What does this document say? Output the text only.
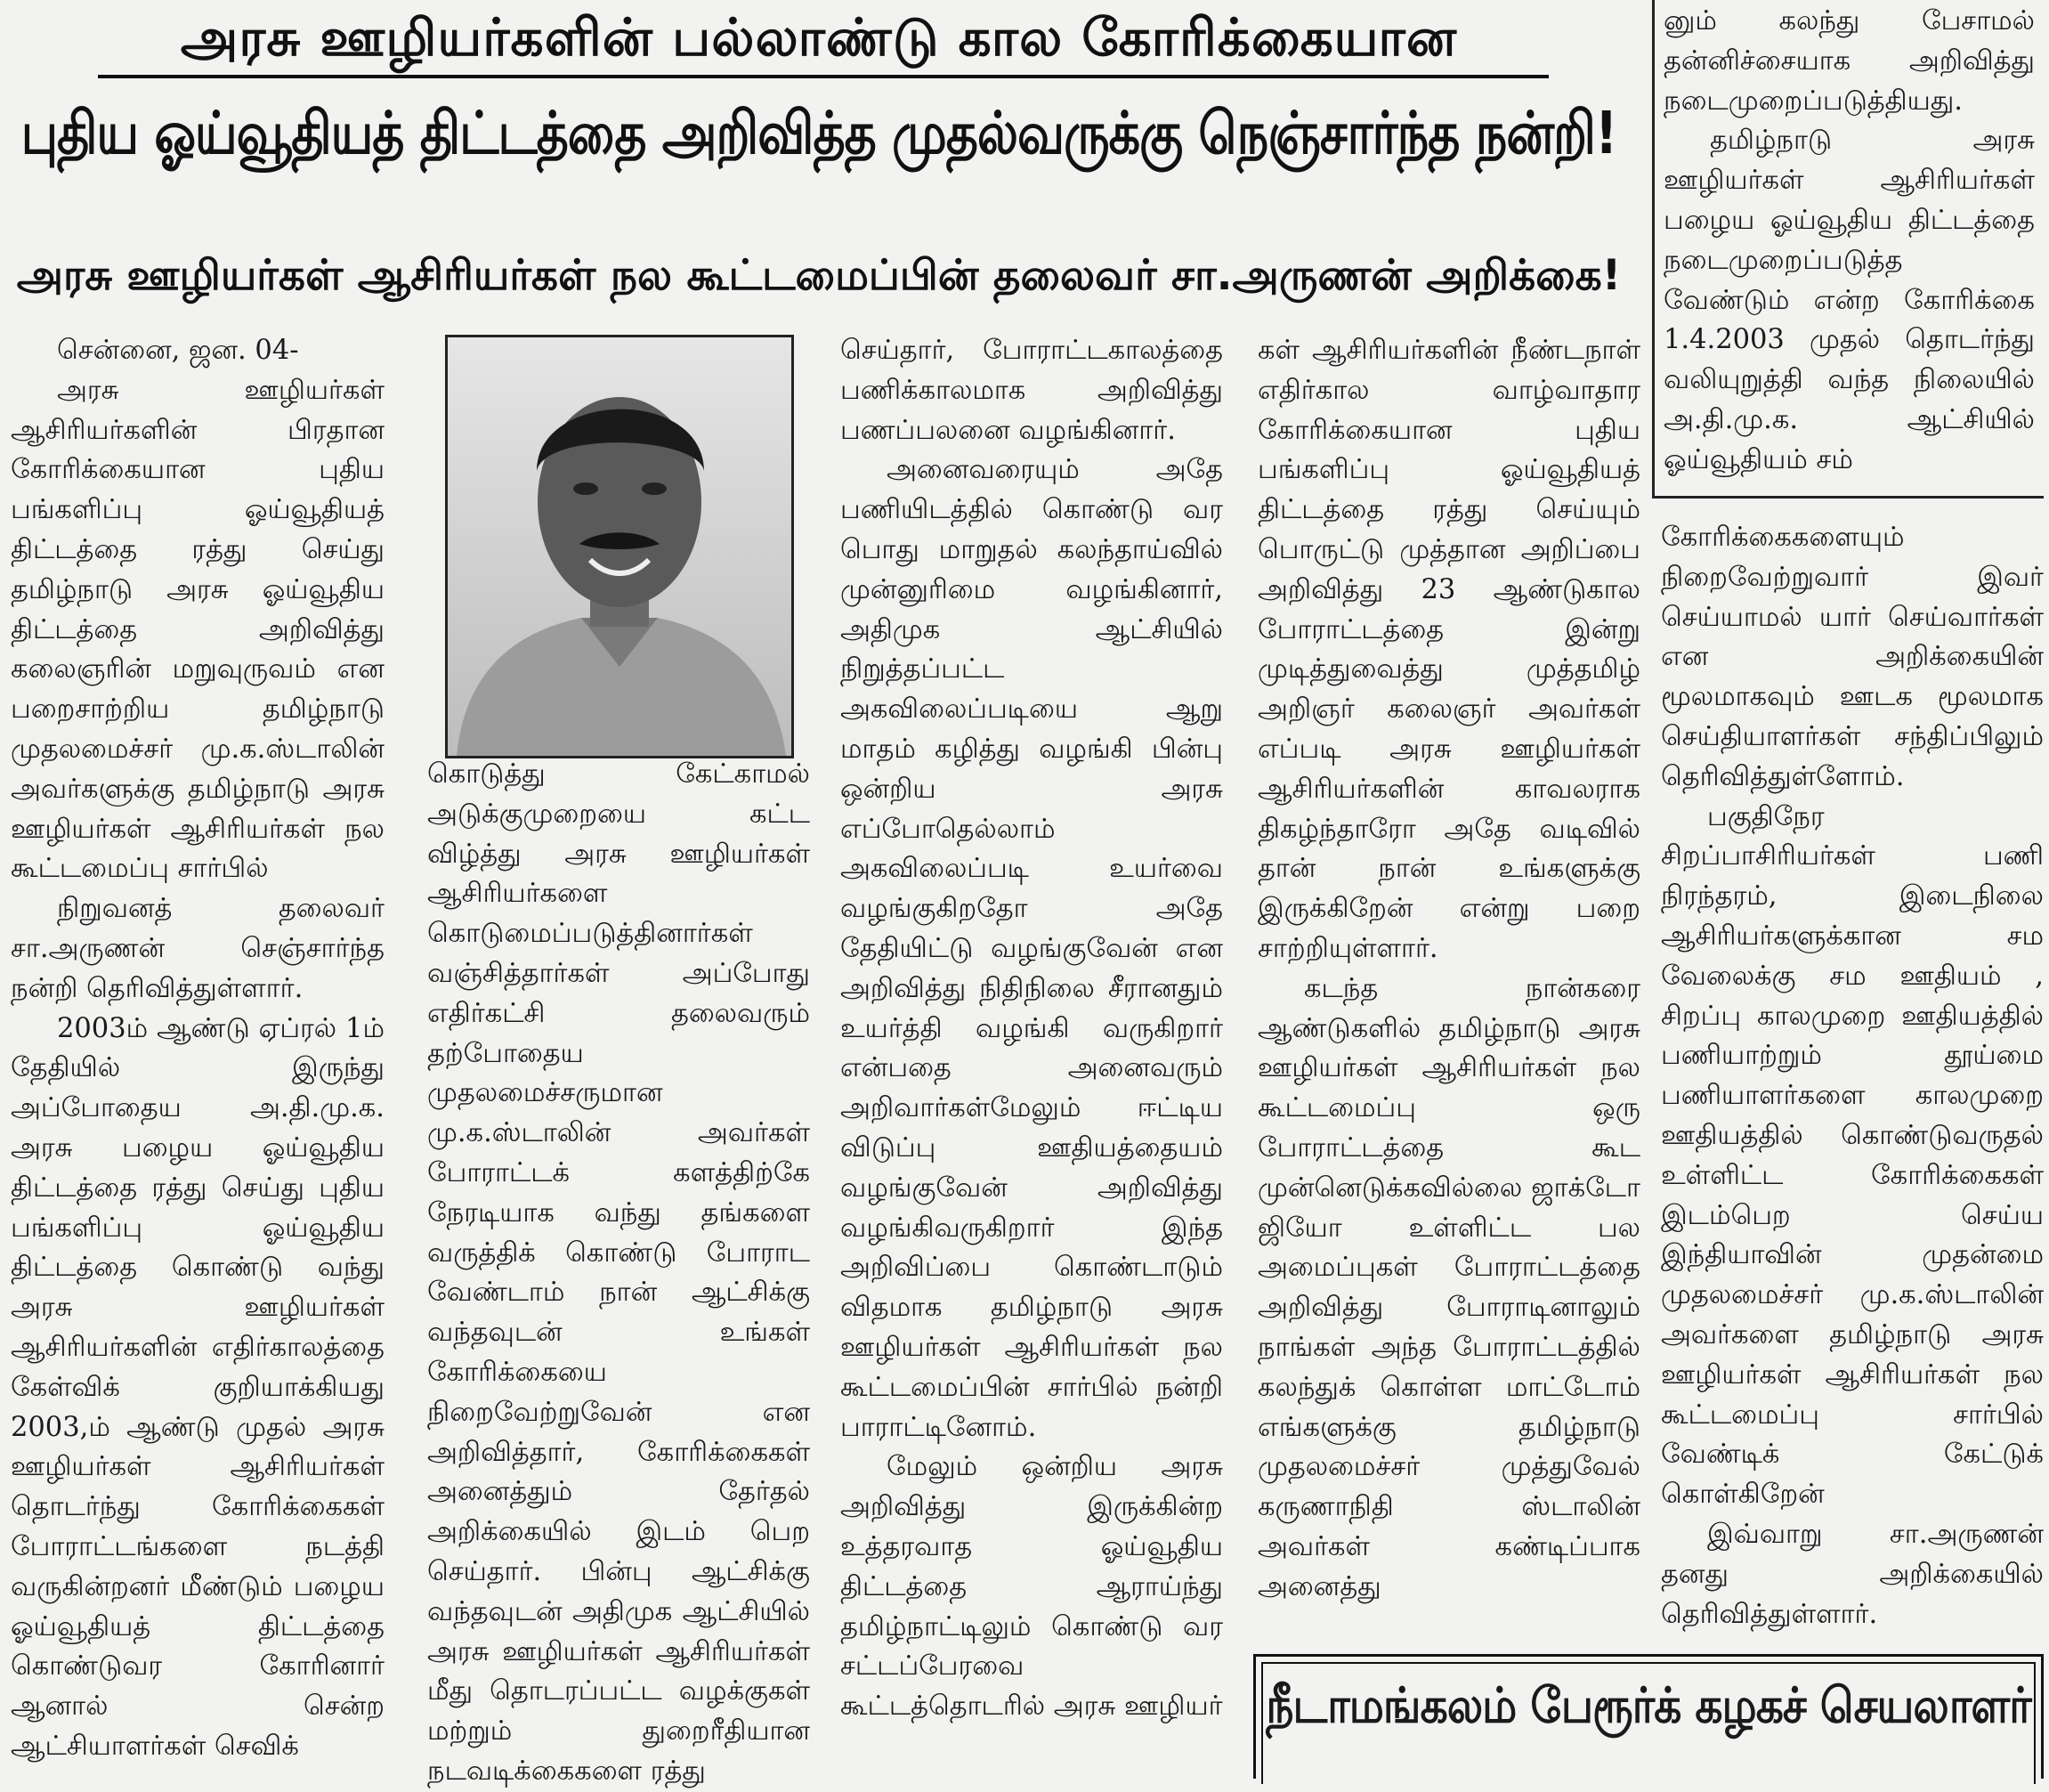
அரசு ஊழியர்களின் பல்லாண்டு கால கோரிக்கையான
புதிய ஓய்வூதியத் திட்டத்தை அறிவித்த முதல்வருக்கு நெஞ்சார்ந்த நன்றி!
அரசு ஊழியர்கள் ஆசிரியர்கள் நல கூட்டமைப்பின் தலைவர் சா.அருணன் அறிக்கை!

சென்னை, ஜன. 04-

அரசு ஊழியர்கள் ஆசிரியர்களின் பிரதான கோரிக்கையான புதிய பங்களிப்பு ஓய்வூதியத் திட்டத்தை ரத்து செய்து தமிழ்நாடு அரசு ஓய்வூதிய திட்டத்தை அறிவித்து கலைஞரின் மறுவுருவம் என பறைசாற்றிய தமிழ்நாடு முதலமைச்சர் மு.க.ஸ்டாலின் அவர்களுக்கு தமிழ்நாடு அரசு ஊழியர்கள் ஆசிரியர்கள் நல கூட்டமைப்பு சார்பில்

நிறுவனத் தலைவர் சா.அருணன் செஞ்சார்ந்த நன்றி தெரிவித்துள்ளார்.

2003ம் ஆண்டு ஏப்ரல் 1ம் தேதியில் இருந்து அப்போதைய அ.தி.மு.க. அரசு பழைய ஓய்வூதிய திட்டத்தை ரத்து செய்து புதிய பங்களிப்பு ஓய்வூதிய திட்டத்தை கொண்டு வந்து அரசு ஊழியர்கள் ஆசிரியர்களின் எதிர்காலத்தை கேள்விக் குறியாக்கியது 2003,ம் ஆண்டு முதல் அரசு ஊழியர்கள் ஆசிரியர்கள் தொடர்ந்து கோரிக்கைகள் போராட்டங்களை நடத்தி வருகின்றனர் மீண்டும் பழைய ஓய்வூதியத் திட்டத்தை கொண்டுவர கோரினார் ஆனால் சென்ற ஆட்சியாளர்கள் செவிக்

கொடுத்து கேட்காமல் அடுக்குமுறையை கட்ட விழ்த்து அரசு ஊழியர்கள் ஆசிரியர்களை கொடுமைப்படுத்தினார்கள் வஞ்சித்தார்கள் அப்போது எதிர்கட்சி தலைவரும் தற்போதைய முதலமைச்சருமான மு.க.ஸ்டாலின் அவர்கள் போராட்டக் களத்திற்கே நேரடியாக வந்து தங்களை வருத்திக் கொண்டு போராட வேண்டாம் நான் ஆட்சிக்கு வந்தவுடன் உங்கள் கோரிக்கையை நிறைவேற்றுவேன் என அறிவித்தார், கோரிக்கைகள் அனைத்தும் தேர்தல் அறிக்கையில் இடம் பெற செய்தார். பின்பு ஆட்சிக்கு வந்தவுடன் அதிமுக ஆட்சியில் அரசு ஊழியர்கள் ஆசிரியர்கள் மீது தொடரப்பட்ட வழக்குகள் மற்றும் துறைரீதியான நடவடிக்கைகளை ரத்து

செய்தார், போராட்டகாலத்தை பணிக்காலமாக அறிவித்து பணப்பலனை வழங்கினார்.

அனைவரையும் அதே பணியிடத்தில் கொண்டு வர பொது மாறுதல் கலந்தாய்வில் முன்னுரிமை வழங்கினார், அதிமுக ஆட்சியில் நிறுத்தப்பட்ட அகவிலைப்படியை ஆறு மாதம் கழித்து வழங்கி பின்பு ஒன்றிய அரசு எப்போதெல்லாம் அகவிலைப்படி உயர்வை வழங்குகிறதோ அதே தேதியிட்டு வழங்குவேன் என அறிவித்து நிதிநிலை சீரானதும் உயர்த்தி வழங்கி வருகிறார் என்பதை அனைவரும் அறிவார்கள்மேலும் ஈட்டிய விடுப்பு ஊதியத்தையம் வழங்குவேன் அறிவித்து வழங்கிவருகிறார் இந்த அறிவிப்பை கொண்டாடும் விதமாக தமிழ்நாடு அரசு ஊழியர்கள் ஆசிரியர்கள் நல கூட்டமைப்பின் சார்பில் நன்றி பாராட்டினோம்.

மேலும் ஒன்றிய அரசு அறிவித்து இருக்கின்ற உத்தரவாத ஓய்வூதிய திட்டத்தை ஆராய்ந்து தமிழ்நாட்டிலும் கொண்டு வர சட்டப்பேரவை கூட்டத்தொடரில் அரசு ஊழியர்

கள் ஆசிரியர்களின் நீண்டநாள் எதிர்கால வாழ்வாதார கோரிக்கையான புதிய பங்களிப்பு ஓய்வூதியத் திட்டத்தை ரத்து செய்யும் பொருட்டு முத்தான அறிப்பை அறிவித்து 23 ஆண்டுகால போராட்டத்தை இன்று முடித்துவைத்து முத்தமிழ் அறிஞர் கலைஞர் அவர்கள் எப்படி அரசு ஊழியர்கள் ஆசிரியர்களின் காவலராக திகழ்ந்தாரோ அதே வடிவில் தான் நான் உங்களுக்கு இருக்கிறேன் என்று பறை சாற்றியுள்ளார்.

கடந்த நான்கரை ஆண்டுகளில் தமிழ்நாடு அரசு ஊழியர்கள் ஆசிரியர்கள் நல கூட்டமைப்பு ஒரு போராட்டத்தை கூட முன்னெடுக்கவில்லை ஜாக்டோ ஜியோ உள்ளிட்ட பல அமைப்புகள் போராட்டத்தை அறிவித்து போராடினாலும் நாங்கள் அந்த போராட்டத்தில் கலந்துக் கொள்ள மாட்டோம் எங்களுக்கு தமிழ்நாடு முதலமைச்சர் முத்துவேல் கருணாநிதி ஸ்டாலின் அவர்கள் கண்டிப்பாக அனைத்து

னும் கலந்து பேசாமல் தன்னிச்சையாக அறிவித்து நடைமுறைப்படுத்தியது.

தமிழ்நாடு அரசு ஊழியர்கள் ஆசிரியர்கள் பழைய ஓய்வூதிய திட்டத்தை நடைமுறைப்படுத்த வேண்டும் என்ற கோரிக்கை 1.4.2003 முதல் தொடர்ந்து வலியுறுத்தி வந்த நிலையில் அ.தி.மு.க. ஆட்சியில் ஓய்வூதியம் சம்

கோரிக்கைகளையும் நிறைவேற்றுவார் இவர் செய்யாமல் யார் செய்வார்கள் என அறிக்கையின் மூலமாகவும் ஊடக மூலமாக செய்தியாளர்கள் சந்திப்பிலும் தெரிவித்துள்ளோம்.

பகுதிநேர சிறப்பாசிரியர்கள் பணி நிரந்தரம், இடைநிலை ஆசிரியர்களுக்கான சம வேலைக்கு சம ஊதியம் , சிறப்பு காலமுறை ஊதியத்தில் பணியாற்றும் தூய்மை பணியாளர்களை காலமுறை ஊதியத்தில் கொண்டுவருதல் உள்ளிட்ட கோரிக்கைகள் இடம்பெற செய்ய இந்தியாவின் முதன்மை முதலமைச்சர் மு.க.ஸ்டாலின் அவர்களை தமிழ்நாடு அரசு ஊழியர்கள் ஆசிரியர்கள் நல கூட்டமைப்பு சார்பில் வேண்டிக் கேட்டுக் கொள்கிறேன்

இவ்வாறு சா.அருணன் தனது அறிக்கையில் தெரிவித்துள்ளார்.

நீடாமங்கலம் பேரூர்க் கழகச் செயலாளர்
